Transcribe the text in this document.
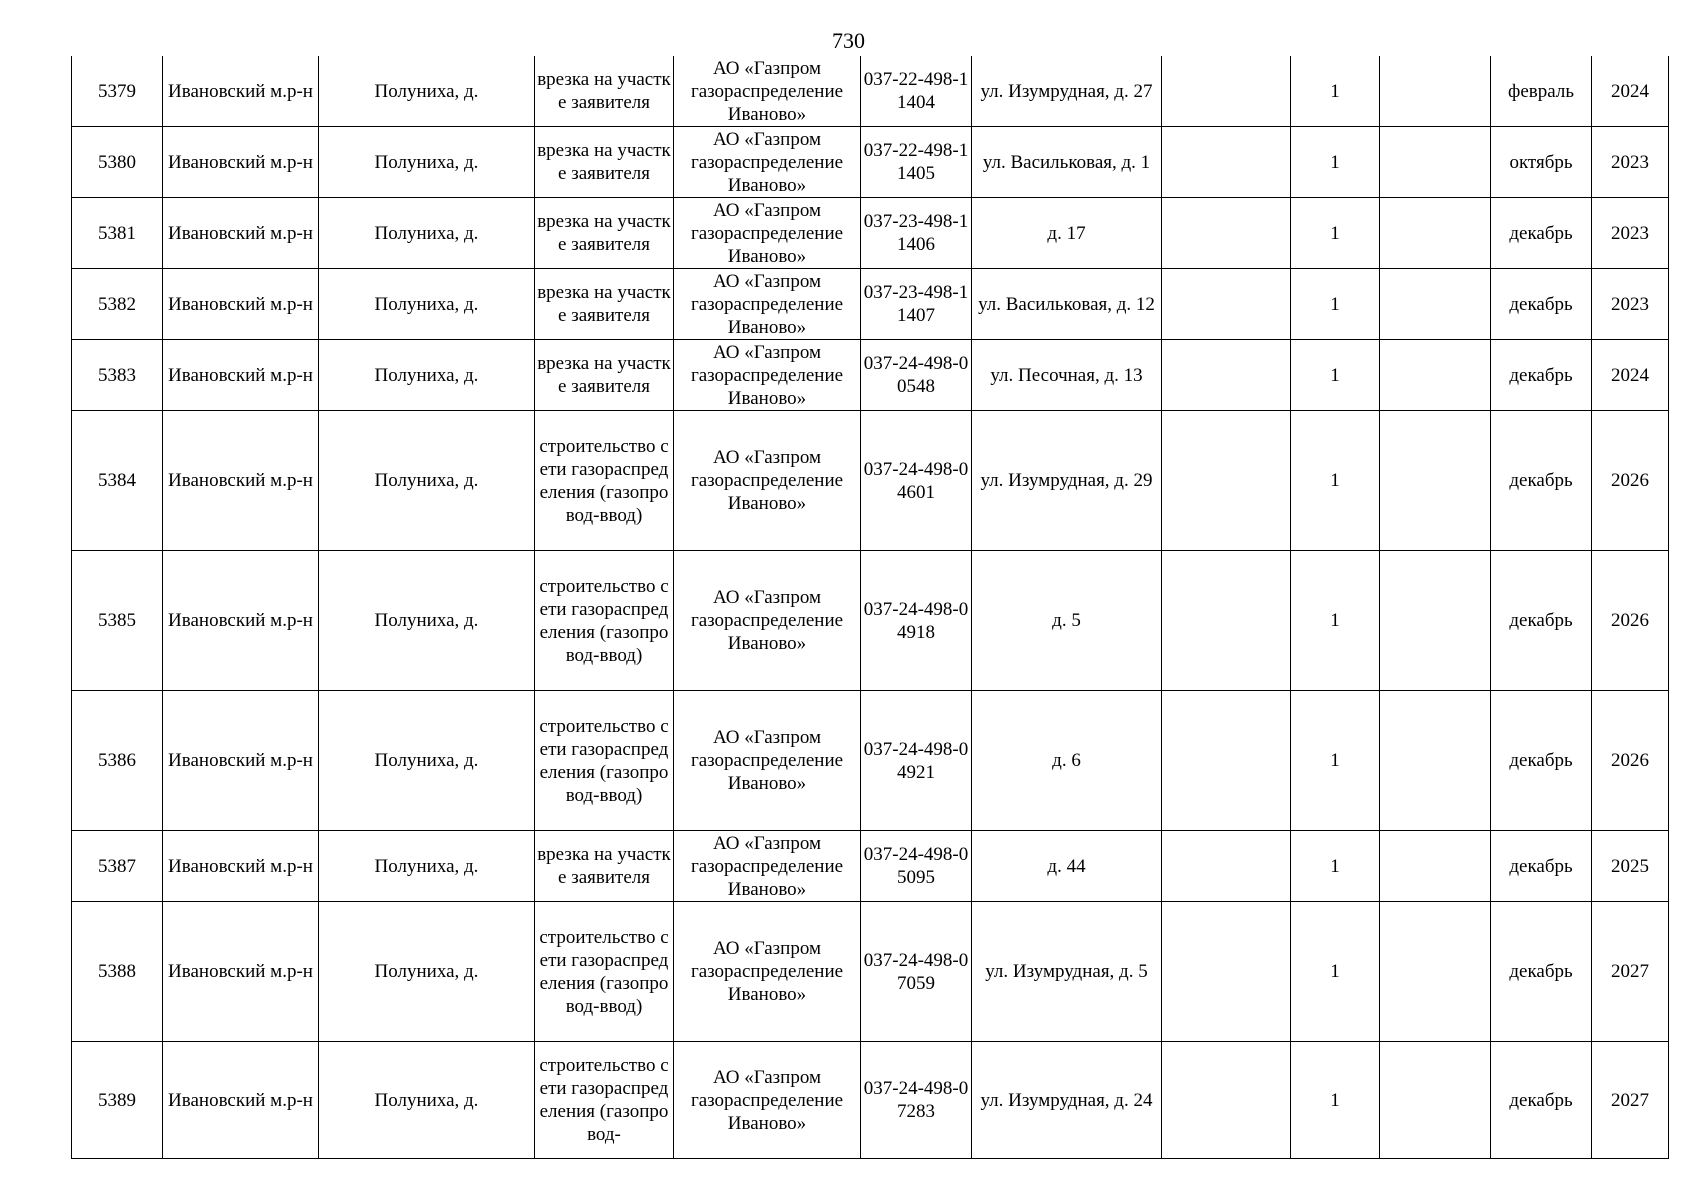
730
5379	Ивановский м.р-н	Полуниха, д.	врезка на участке заявителя	АО «Газпром газораспределение Иваново»	037-22-498-11404	ул. Изумрудная, д. 27		1		февраль	2024
5380	Ивановский м.р-н	Полуниха, д.	врезка на участке заявителя	АО «Газпром газораспределение Иваново»	037-22-498-11405	ул. Васильковая, д. 1		1		октябрь	2023
5381	Ивановский м.р-н	Полуниха, д.	врезка на участке заявителя	АО «Газпром газораспределение Иваново»	037-23-498-11406	д. 17		1		декабрь	2023
5382	Ивановский м.р-н	Полуниха, д.	врезка на участке заявителя	АО «Газпром газораспределение Иваново»	037-23-498-11407	ул. Васильковая, д. 12		1		декабрь	2023
5383	Ивановский м.р-н	Полуниха, д.	врезка на участке заявителя	АО «Газпром газораспределение Иваново»	037-24-498-00548	ул. Песочная, д. 13		1		декабрь	2024
5384	Ивановский м.р-н	Полуниха, д.	строительство сети газораспределения (газопровод-ввод)	АО «Газпром газораспределение Иваново»	037-24-498-04601	ул. Изумрудная, д. 29		1		декабрь	2026
5385	Ивановский м.р-н	Полуниха, д.	строительство сети газораспределения (газопровод-ввод)	АО «Газпром газораспределение Иваново»	037-24-498-04918	д. 5		1		декабрь	2026
5386	Ивановский м.р-н	Полуниха, д.	строительство сети газораспределения (газопровод-ввод)	АО «Газпром газораспределение Иваново»	037-24-498-04921	д. 6		1		декабрь	2026
5387	Ивановский м.р-н	Полуниха, д.	врезка на участке заявителя	АО «Газпром газораспределение Иваново»	037-24-498-05095	д. 44		1		декабрь	2025
5388	Ивановский м.р-н	Полуниха, д.	строительство сети газораспределения (газопровод-ввод)	АО «Газпром газораспределение Иваново»	037-24-498-07059	ул. Изумрудная, д. 5		1		декабрь	2027
5389	Ивановский м.р-н	Полуниха, д.	строительство сети газораспределения (газопровод-	АО «Газпром газораспределение Иваново»	037-24-498-07283	ул. Изумрудная, д. 24		1		декабрь	2027
